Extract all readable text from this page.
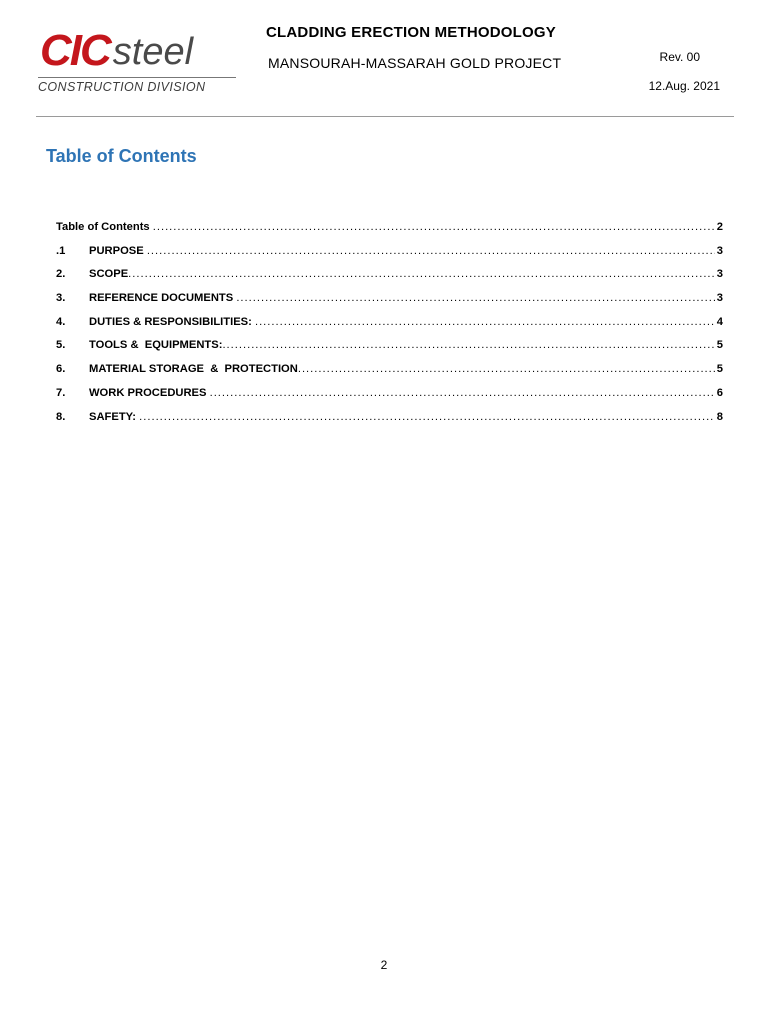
CIC steel
CONSTRUCTION DIVISION
CLADDING ERECTION METHODOLOGY
MANSOURAH-MASSARAH GOLD PROJECT	Rev. 00
12.Aug. 2021
Table of Contents
Table of Contents .....	2
.1	PURPOSE .....	3
2.	SCOPE .....	3
3.	REFERENCE DOCUMENTS .....	3
4.	DUTIES & RESPONSIBILITIES: .....	4
5.	TOOLS &  EQUIPMENTS: .....	5
6.	MATERIAL STORAGE  &  PROTECTION .....	5
7.	WORK PROCEDURES .....	6
8.	SAFETY: .....	8
2
